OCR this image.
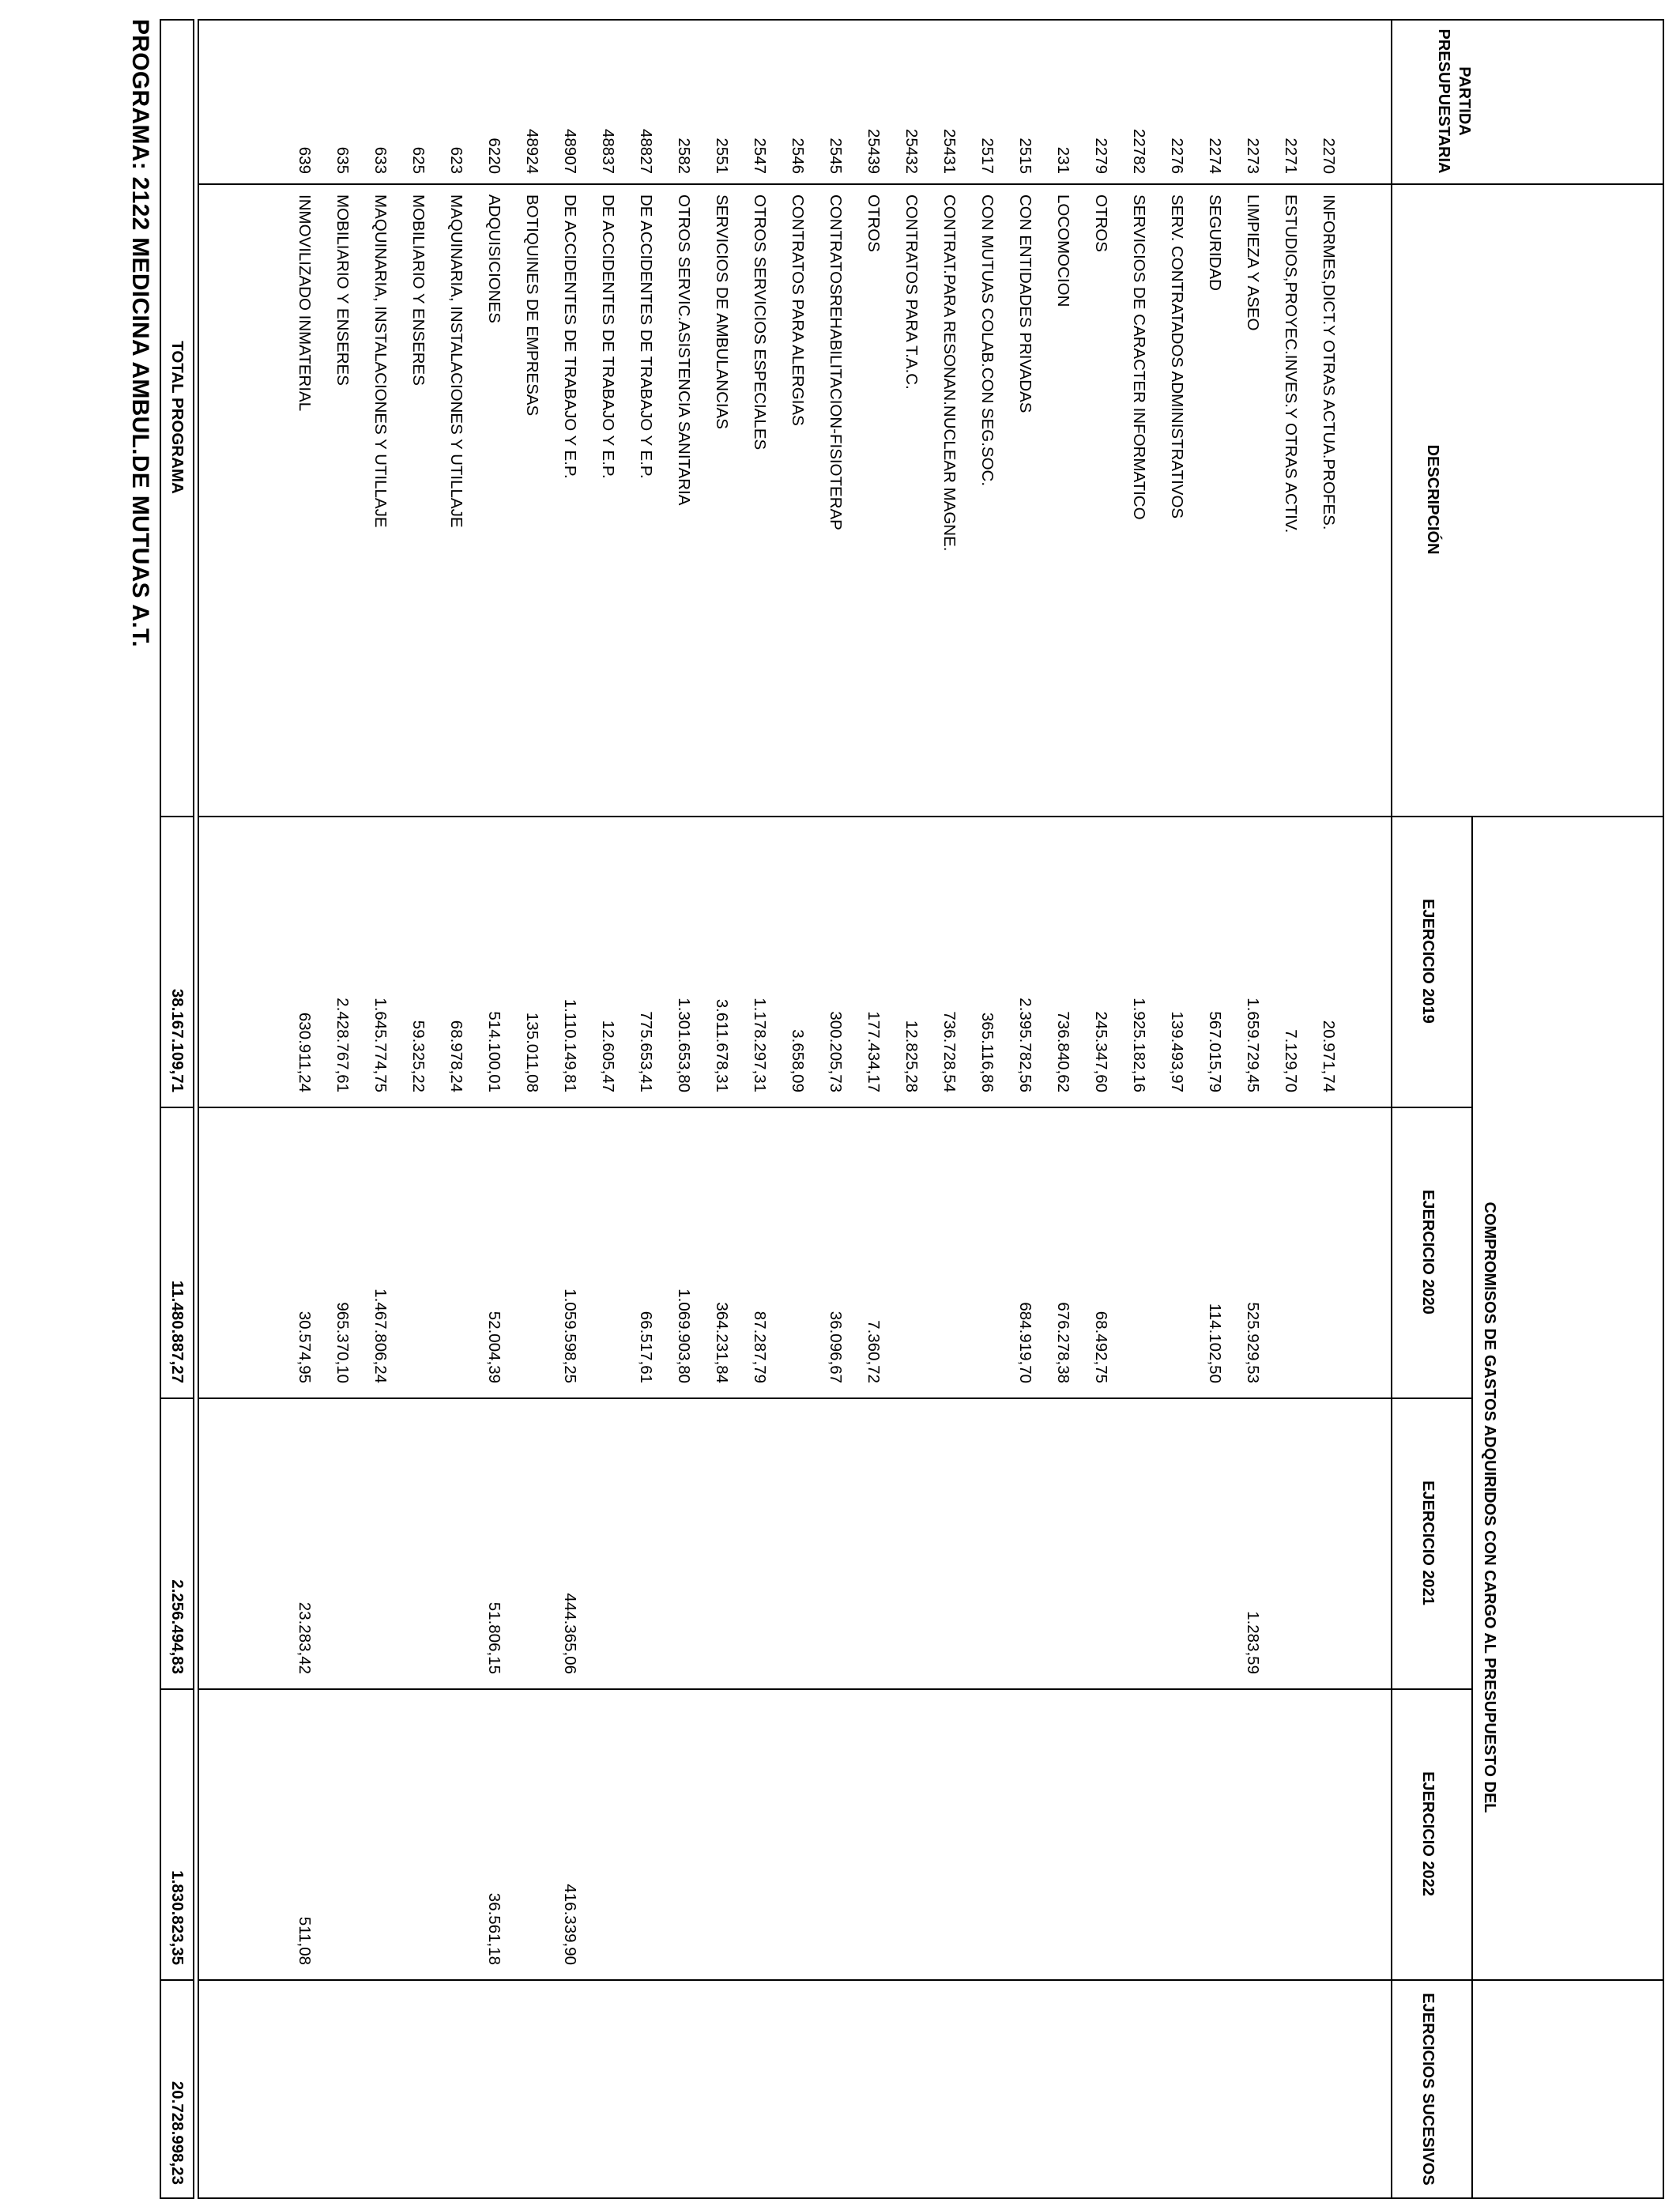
PROGRAMA: 2122 MEDICINA AMBUL.DE MUTUAS A.T.	PARTIDA
PRESUPUESTARIA
DESCRIPCIÓN
COMPROMISOS DE GASTOS ADQUIRIDOS CON CARGO AL PRESUPUESTO DEL
EJERCICIO 2019
EJERCICIO 2020
EJERCICIO 2021
EJERCICIO 2022
EJERCICIOS SUCESIVOS
2270
INFORMES,DICT.Y OTRAS ACTUA.PROFES.
20.971,74
2271
ESTUDIOS,PROYEC.INVES.Y OTRAS ACTIV.
7.129,70
2273
LIMPIEZA Y ASEO
1.659.729,45
525.929,53
1.283,59
2274
SEGURIDAD
567.015,79
114.102,50
2276
SERV. CONTRATADOS ADMINISTRATIVOS
139.493,97
22782
SERVICIOS DE CARACTER INFORMATICO
1.925.182,16
2279
OTROS
245.347,60
68.492,75
231
LOCOMOCION
736.840,62
676.278,38
2515
CON ENTIDADES PRIVADAS
2.395.782,56
684.919,70
2517
CON MUTUAS COLAB.CON SEG.SOC.
365.116,86
25431
CONTRAT.PARA RESONAN.NUCLEAR MAGNE.
736.728,54
25432
CONTRATOS PARA T.A.C.
12.825,28
25439
OTROS
177.434,17
7.360,72
2545
CONTRATOSREHABILITACION-FISIOTERAP
300.205,73
36.096,67
2546
CONTRATOS PARA ALERGIAS
3.658,09
2547
OTROS SERVICIOS ESPECIALES
1.178.297,31
87.287,79
2551
SERVICIOS DE AMBULANCIAS
3.611.678,31
364.231,84
2582
OTROS SERVIC.ASISTENCIA SANITARIA
1.301.653,80
1.069.903,80
48827
DE ACCIDENTES DE TRABAJO Y E.P.
775.653,41
66.517,61
48837
DE ACCIDENTES DE TRABAJO Y E.P.
12.605,47
48907
DE ACCIDENTES DE TRABAJO Y E.P.
1.110.149,81
1.059.598,25
444.365,06
416.339,90
48924
BOTIQUINES DE EMPRESAS
135.011,08
6220
ADQUISICIONES
514.100,01
52.004,39
51.806,15
36.561,18
623
MAQUINARIA, INSTALACIONES Y UTILLAJE
68.978,24
625
MOBILIARIO Y ENSERES
59.325,22
633
MAQUINARIA, INSTALACIONES Y UTILLAJE
1.645.774,75
1.467.806,24
635
MOBILIARIO Y ENSERES
2.428.767,61
965.370,10
639
INMOVILIZADO INMATERIAL
630.911,24
30.574,95
23.283,42
511,08
TOTAL PROGRAMA
38.167.109,71
11.480.887,27
2.256.494,83
1.830.823,35
20.728.998,23
